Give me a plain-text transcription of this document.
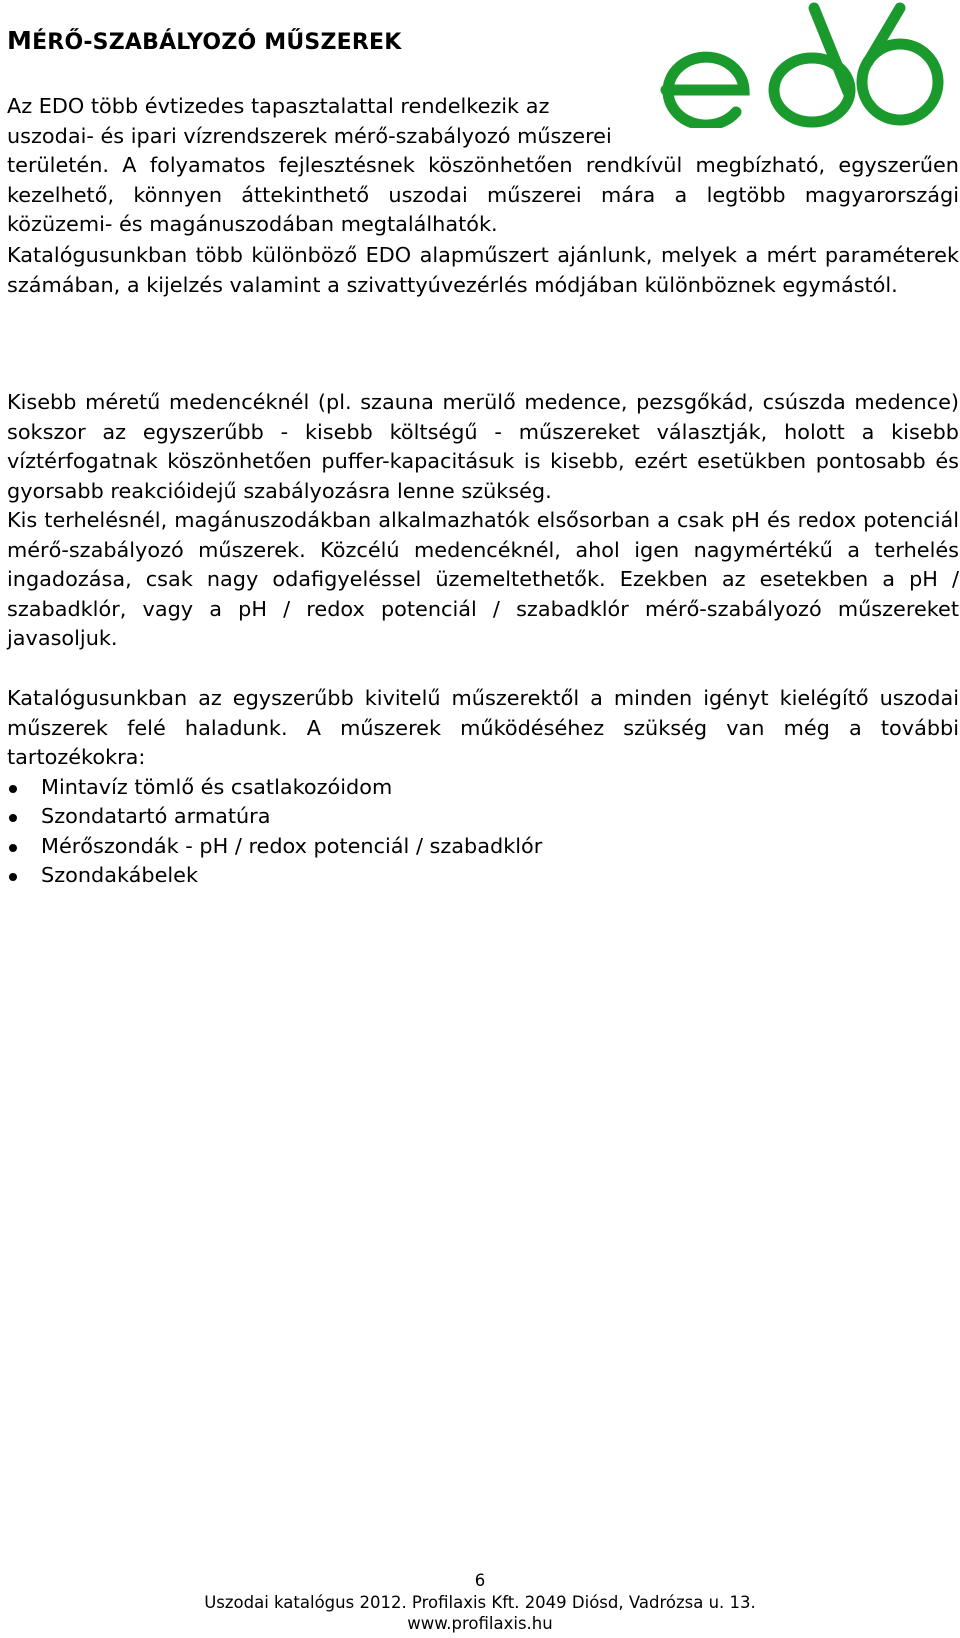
MÉRŐ-SZABÁLYOZÓ MŰSZEREK

Az EDO több évtizedes tapasztalattal rendelkezik az

uszodai- és ipari vízrendszerek mérő-szabályozó műszerei

területén. A folyamatos fejlesztésnek köszönhetően rendkívül megbízható, egyszerűen kezelhető, könnyen áttekinthető uszodai műszerei mára a legtöbb magyarországi közüzemi- és magánuszodában megtalálhatók.

Katalógusunkban több különböző EDO alapműszert ajánlunk, melyek a mért paraméterek számában, a kijelzés valamint a szivattyúvezérlés módjában különböznek egymástól.

Kisebb méretű medencéknél (pl. szauna merülő medence, pezsgőkád, csúszda medence) sokszor az egyszerűbb - kisebb költségű - műszereket választják, holott a kisebb víztérfogatnak köszönhetően puffer-kapacitásuk is kisebb, ezért esetükben pontosabb és gyorsabb reakcióidejű szabályozásra lenne szükség.

Kis terhelésnél, magánuszodákban alkalmazhatók elsősorban a csak pH és redox potenciál mérő-szabályozó műszerek. Közcélú medencéknél, ahol igen nagymértékű a terhelés ingadozása, csak nagy odafigyeléssel üzemeltethetők. Ezekben az esetekben a pH / szabadklór, vagy a pH / redox potenciál / szabadklór mérő-szabályozó műszereket javasoljuk.

Katalógusunkban az egyszerűbb kivitelű műszerektől a minden igényt kielégítő uszodai műszerek felé haladunk. A műszerek működéséhez szükség van még a további tartozékokra:

Mintavíz tömlő és csatlakozóidom
Szondatartó armatúra
Mérőszondák - pH / redox potenciál / szabadklór
Szondakábelek
6
Uszodai katalógus 2012. Profilaxis Kft. 2049 Diósd, Vadrózsa u. 13.
www.profilaxis.hu
